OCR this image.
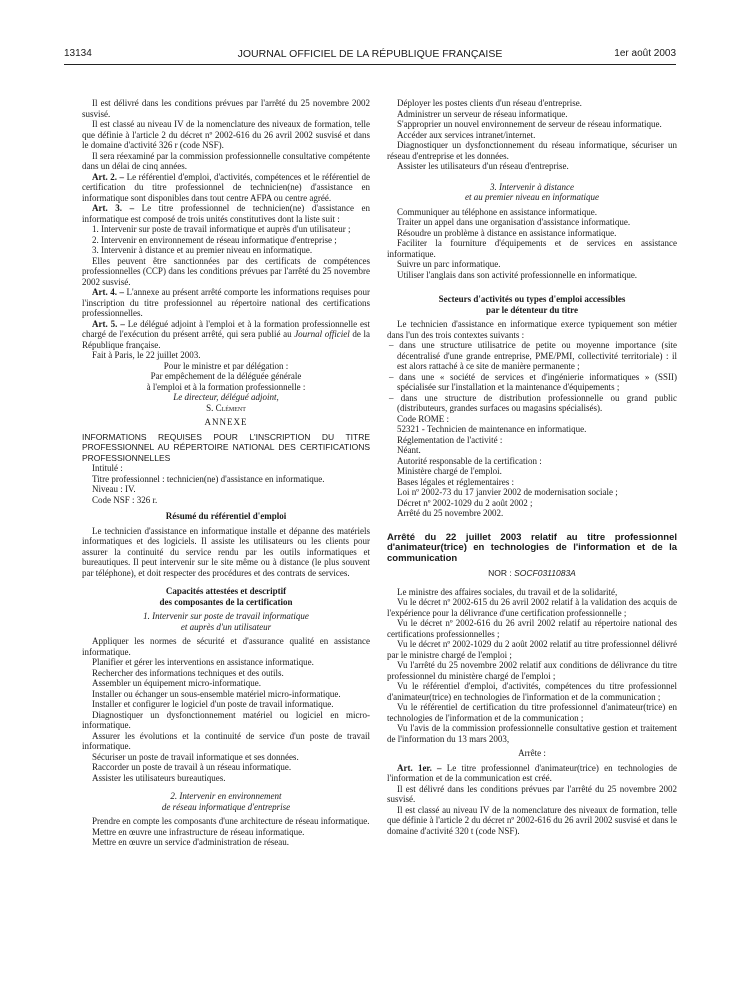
13134	JOURNAL OFFICIEL DE LA RÉPUBLIQUE FRANÇAISE	1er août 2003

Il est délivré dans les conditions prévues par l'arrêté du 25 novembre 2002 susvisé.

Il est classé au niveau IV de la nomenclature des niveaux de formation, telle que définie à l'article 2 du décret nº 2002-616 du 26 avril 2002 susvisé et dans le domaine d'activité 326 r (code NSF).

Il sera réexaminé par la commission professionnelle consultative compétente dans un délai de cinq années.

Art. 2. – Le référentiel d'emploi, d'activités, compétences et le référentiel de certification du titre professionnel de technicien(ne) d'assistance en informatique sont disponibles dans tout centre AFPA ou centre agréé.

Art. 3. – Le titre professionnel de technicien(ne) d'assistance en informatique est composé de trois unités constitutives dont la liste suit :

1. Intervenir sur poste de travail informatique et auprès d'un utilisateur ;

2. Intervenir en environnement de réseau informatique d'entreprise ;

3. Intervenir à distance et au premier niveau en informatique.

Elles peuvent être sanctionnées par des certificats de compétences professionnelles (CCP) dans les conditions prévues par l'arrêté du 25 novembre 2002 susvisé.

Art. 4. – L'annexe au présent arrêté comporte les informations requises pour l'inscription du titre professionnel au répertoire national des certifications professionnelles.

Art. 5. – Le délégué adjoint à l'emploi et à la formation professionnelle est chargé de l'exécution du présent arrêté, qui sera publié au Journal officiel de la République française.

Fait à Paris, le 22 juillet 2003.

Pour le ministre et par délégation :

Par empêchement de la déléguée générale

à l'emploi et à la formation professionnelle :

Le directeur, délégué adjoint,

S. Clément

ANNEXE

INFORMATIONS REQUISES POUR L'INSCRIPTION DU TITRE PROFESSIONNEL AU RÉPERTOIRE NATIONAL DES CERTIFICATIONS PROFESSIONNELLES

Intitulé :

Titre professionnel : technicien(ne) d'assistance en informatique.

Niveau : IV.

Code NSF : 326 r.

Résumé du référentiel d'emploi

Le technicien d'assistance en informatique installe et dépanne des matériels informatiques et des logiciels. Il assiste les utilisateurs ou les clients pour assurer la continuité du service rendu par les outils informatiques et bureautiques. Il peut intervenir sur le site même ou à distance (le plus souvent par téléphone), et doit respecter des procédures et des contrats de services.

Capacités attestées et descriptif

des composantes de la certification

1. Intervenir sur poste de travail informatique

et auprès d'un utilisateur

Appliquer les normes de sécurité et d'assurance qualité en assistance informatique.

Planifier et gérer les interventions en assistance informatique.

Rechercher des informations techniques et des outils.

Assembler un équipement micro-informatique.

Installer ou échanger un sous-ensemble matériel micro-informatique.

Installer et configurer le logiciel d'un poste de travail informatique.

Diagnostiquer un dysfonctionnement matériel ou logiciel en micro-informatique.

Assurer les évolutions et la continuité de service d'un poste de travail informatique.

Sécuriser un poste de travail informatique et ses données.

Raccorder un poste de travail à un réseau informatique.

Assister les utilisateurs bureautiques.

2. Intervenir en environnement

de réseau informatique d'entreprise

Prendre en compte les composants d'une architecture de réseau informatique.

Mettre en œuvre une infrastructure de réseau informatique.

Mettre en œuvre un service d'administration de réseau.

Déployer les postes clients d'un réseau d'entreprise.

Administrer un serveur de réseau informatique.

S'approprier un nouvel environnement de serveur de réseau informatique.

Accéder aux services intranet/internet.

Diagnostiquer un dysfonctionnement du réseau informatique, sécuriser un réseau d'entreprise et les données.

Assister les utilisateurs d'un réseau d'entreprise.

3. Intervenir à distance

et au premier niveau en informatique

Communiquer au téléphone en assistance informatique.

Traiter un appel dans une organisation d'assistance informatique.

Résoudre un problème à distance en assistance informatique.

Faciliter la fourniture d'équipements et de services en assistance informatique.

Suivre un parc informatique.

Utiliser l'anglais dans son activité professionnelle en informatique.

Secteurs d'activités ou types d'emploi accessibles

par le détenteur du titre

Le technicien d'assistance en informatique exerce typiquement son métier dans l'un des trois contextes suivants :

– dans une structure utilisatrice de petite ou moyenne importance (site décentralisé d'une grande entreprise, PME/PMI, collectivité territoriale) : il est alors rattaché à ce site de manière permanente ;

– dans une « société de services et d'ingénierie informatiques » (SSII) spécialisée sur l'installation et la maintenance d'équipements ;

– dans une structure de distribution professionnelle ou grand public (distributeurs, grandes surfaces ou magasins spécialisés).

Code ROME :

52321 - Technicien de maintenance en informatique.

Réglementation de l'activité :

Néant.

Autorité responsable de la certification :

Ministère chargé de l'emploi.

Bases légales et réglementaires :

Loi nº 2002-73 du 17 janvier 2002 de modernisation sociale ;

Décret nº 2002-1029 du 2 août 2002 ;

Arrêté du 25 novembre 2002.

Arrêté du 22 juillet 2003 relatif au titre professionnel d'animateur(trice) en technologies de l'information et de la communication

NOR : SOCF0311083A

Le ministre des affaires sociales, du travail et de la solidarité,

Vu le décret nº 2002-615 du 26 avril 2002 relatif à la validation des acquis de l'expérience pour la délivrance d'une certification professionnelle ;

Vu le décret nº 2002-616 du 26 avril 2002 relatif au répertoire national des certifications professionnelles ;

Vu le décret nº 2002-1029 du 2 août 2002 relatif au titre professionnel délivré par le ministre chargé de l'emploi ;

Vu l'arrêté du 25 novembre 2002 relatif aux conditions de délivrance du titre professionnel du ministère chargé de l'emploi ;

Vu le référentiel d'emploi, d'activités, compétences du titre professionnel d'animateur(trice) en technologies de l'information et de la communication ;

Vu le référentiel de certification du titre professionnel d'animateur(trice) en technologies de l'information et de la communication ;

Vu l'avis de la commission professionnelle consultative gestion et traitement de l'information du 13 mars 2003,

Arrête :

Art. 1er. – Le titre professionnel d'animateur(trice) en technologies de l'information et de la communication est créé.

Il est délivré dans les conditions prévues par l'arrêté du 25 novembre 2002 susvisé.

Il est classé au niveau IV de la nomenclature des niveaux de formation, telle que définie à l'article 2 du décret nº 2002-616 du 26 avril 2002 susvisé et dans le domaine d'activité 320 t (code NSF).
